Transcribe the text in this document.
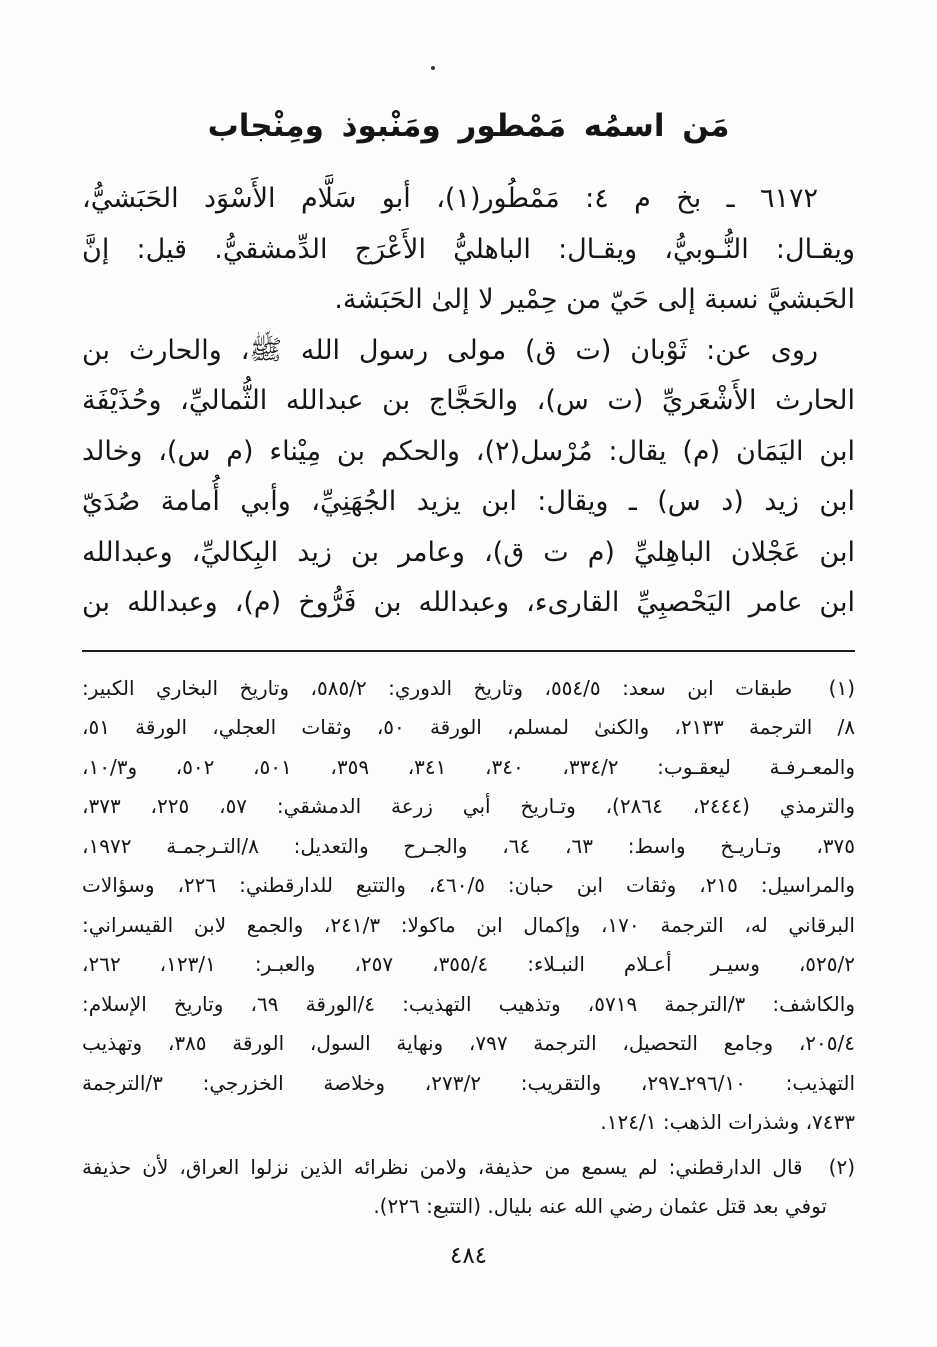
مَن اسمُه مَمْطور ومَنْبوذ ومِنْجاب
٦١٧٢ ـ بخ م ٤: مَمْطُور(١)، أبو سَلَّام الأَسْوَد الحَبَشيُّ،
ويقـال: النُّـوبيُّ، ويقـال: الباهليُّ الأَعْرَج الدِّمشقيُّ. قيل: إنَّ
الحَبشيَّ نسبة إلى حَيّ من حِمْير لا إلىٰ الحَبَشة.
روى عن: ثَوْبان (ت ق) مولى رسول الله ﷺ، والحارث بن
الحارث الأَشْعَريِّ (ت س)، والحَجَّاج بن عبدالله الثُّماليِّ، وحُذَيْفَة
ابن اليَمَان (م) يقال: مُرْسل(٢)، والحكم بن مِيْناء (م س)، وخالد
ابن زيد (د س) ـ ويقال: ابن يزيد الجُهَنِيِّ، وأبي أُمامة صُدَيّ
ابن عَجْلان الباهِليِّ (م ت ق)، وعامر بن زيد البِكاليِّ، وعبدالله
ابن عامر اليَحْصبِيِّ القارىء، وعبدالله بن فَرُّوخ (م)، وعبدالله بن
(١) طبقات ابن سعد: ٥٥٤/٥، وتاريخ الدوري: ٥٨٥/٢، وتاريخ البخاري الكبير:
٨/ الترجمة ٢١٣٣، والكنىٰ لمسلم، الورقة ٥٠، وثقات العجلي، الورقة ٥١،
والمعـرفـة ليعقـوب: ٣٣٤/٢، ٣٤٠، ٣٤١، ٣٥٩، ٥٠١، ٥٠٢، و١٠/٣،
والترمذي (٢٤٤٤، ٢٨٦٤)، وتـاريخ أبي زرعة الدمشقي: ٥٧، ٢٢٥، ٣٧٣،
٣٧٥، وتـاريـخ واسط: ٦٣، ٦٤، والجـرح والتعديل: ٨/التـرجمـة ١٩٧٢،
والمراسيل: ٢١٥، وثقات ابن حبان: ٤٦٠/٥، والتتبع للدارقطني: ٢٢٦، وسؤالات
البرقاني له، الترجمة ١٧٠، وإكمال ابن ماكولا: ٢٤١/٣، والجمع لابن القيسراني:
٥٢٥/٢، وسيـر أعـلام النبـلاء: ٣٥٥/٤، ٢٥٧، والعبـر: ١٢٣/١، ٢٦٢،
والكاشف: ٣/الترجمة ٥٧١٩، وتذهيب التهذيب: ٤/الورقة ٦٩، وتاريخ الإسلام:
٢٠٥/٤، وجامع التحصيل، الترجمة ٧٩٧، ونهاية السول، الورقة ٣٨٥، وتهذيب
التهذيب: ٢٩٦/١٠ـ٢٩٧، والتقريب: ٢٧٣/٢، وخلاصة الخزرجي: ٣/الترجمة
٧٤٣٣، وشذرات الذهب: ١٢٤/١.
(٢) قال الدارقطني: لم يسمع من حذيفة، ولامن نظرائه الذين نزلوا العراق، لأن حذيفة
توفي بعد قتل عثمان رضي الله عنه بليال. (التتبع: ٢٢٦).
٤٨٤
